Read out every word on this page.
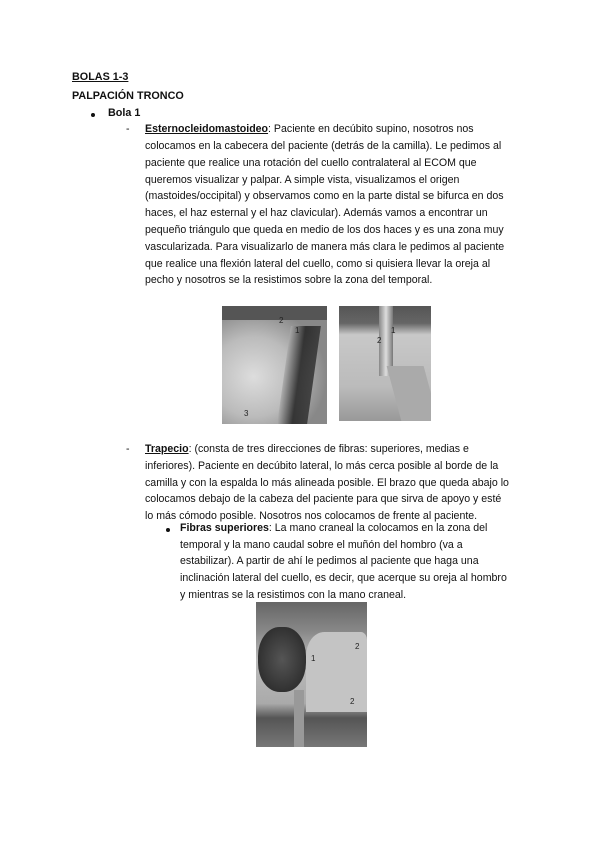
BOLAS 1-3
PALPACIÓN TRONCO
Bola 1
- Esternocleidomastoideo: Paciente en decúbito supino, nosotros nos
colocamos en la cabecera del paciente (detrás de la camilla). Le pedimos al
paciente que realice una rotación del cuello contralateral al ECOM que
queremos visualizar y palpar. A simple vista, visualizamos el origen
(mastoides/occipital) y observamos como en la parte distal se bifurca en dos
haces, el haz esternal y el haz clavicular). Además vamos a encontrar un
pequeño triángulo que queda en medio de los dos haces y es una zona muy
vascularizada. Para visualizarlo de manera más clara le pedimos al paciente
que realice una flexión lateral del cuello, como si quisiera llevar la oreja al
pecho y nosotros se la resistimos sobre la zona del temporal.
2
1
3
1
2
- Trapecio: (consta de tres direcciones de fibras: superiores, medias e
inferiores). Paciente en decúbito lateral, lo más cerca posible al borde de la
camilla y con la espalda lo más alineada posible. El brazo que queda abajo lo
colocamos debajo de la cabeza del paciente para que sirva de apoyo y esté
lo más cómodo posible. Nosotros nos colocamos de frente al paciente.
Fibras superiores: La mano craneal la colocamos en la zona del
temporal y la mano caudal sobre el muñón del hombro (va a
estabilizar). A partir de ahí le pedimos al paciente que haga una
inclinación lateral del cuello, es decir, que acerque su oreja al hombro
y mientras se la resistimos con la mano craneal.
1
2
2
